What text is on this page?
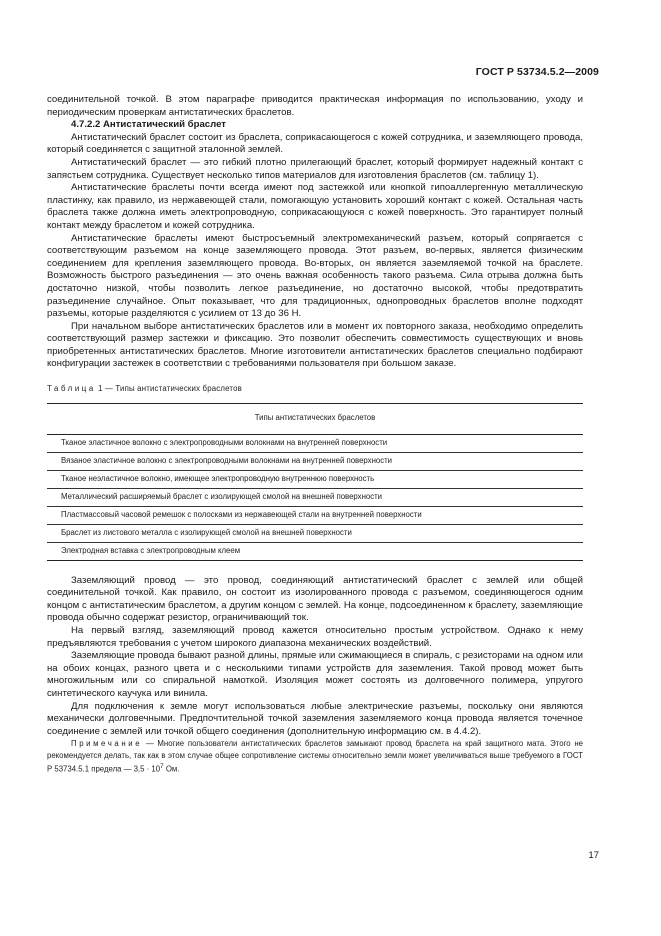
ГОСТ Р 53734.5.2—2009

соединительной точкой. В этом параграфе приводится практическая информация по использованию, уходу и периодическим проверкам антистатических браслетов.

4.7.2.2 Антистатический браслет

Антистатический браслет состоит из браслета, соприкасающегося с кожей сотрудника, и заземляющего провода, который соединяется с защитной эталонной землей.

Антистатический браслет — это гибкий плотно прилегающий браслет, который формирует надежный контакт с запястьем сотрудника. Существует несколько типов материалов для изготовления браслетов (см. таблицу 1).

Антистатические браслеты почти всегда имеют под застежкой или кнопкой гипоаллергенную металлическую пластинку, как правило, из нержавеющей стали, помогающую установить хороший контакт с кожей. Остальная часть браслета также должна иметь электропроводную, соприкасающуюся с кожей поверхность. Это гарантирует полный контакт между браслетом и кожей сотрудника.

Антистатические браслеты имеют быстросъемный электромеханический разъем, который сопрягается с соответствующим разъемом на конце заземляющего провода. Этот разъем, во-первых, является физическим соединением для крепления заземляющего провода. Во-вторых, он является заземляемой точкой на браслете. Возможность быстрого разъединения — это очень важная особенность такого разъема. Сила отрыва должна быть достаточно низкой, чтобы позволить легкое разъединение, но достаточно высокой, чтобы предотвратить разъединение случайное. Опыт показывает, что для традиционных, однопроводных браслетов вполне подходят разъемы, которые разделяются с усилием от 13 до 36 Н.

При начальном выборе антистатических браслетов или в момент их повторного заказа, необходимо определить соответствующий размер застежки и фиксацию. Это позволит обеспечить совместимость существующих и вновь приобретенных антистатических браслетов. Многие изготовители антистатических браслетов специально подбирают конфигурации застежек в соответствии с требованиями пользователя при большом заказе.

Таблица 1 — Типы антистатических браслетов
Типы антистатических браслетов
Тканое эластичное волокно с электропроводными волокнами на внутренней поверхности
Вязаное эластичное волокно с электропроводными волокнами на внутренней поверхности
Тканое неэластичное волокно, имеющее электропроводную внутреннюю поверхность
Металлический расширяемый браслет с изолирующей смолой на внешней поверхности
Пластмассовый часовой ремешок с полосками из нержавеющей стали на внутренней поверхности
Браслет из листового металла с изолирующей смолой на внешней поверхности
Электродная вставка с электропроводным клеем

Заземляющий провод — это провод, соединяющий антистатический браслет с землей или общей соединительной точкой. Как правило, он состоит из изолированного провода с разъемом, соединяющегося одним концом с антистатическим браслетом, а другим концом с землей. На конце, подсоединенном к браслету, заземляющие провода обычно содержат резистор, ограничивающий ток.

На первый взгляд, заземляющий провод кажется относительно простым устройством. Однако к нему предъявляются требования с учетом широкого диапазона механических воздействий.

Заземляющие провода бывают разной длины, прямые или сжимающиеся в спираль, с резисторами на одном или на обоих концах, разного цвета и с несколькими типами устройств для заземления. Такой провод может быть многожильным или со спиральной намоткой. Изоляция может состоять из долговечного полимера, упругого синтетического каучука или винила.

Для подключения к земле могут использоваться любые электрические разъемы, поскольку они являются механически долговечными. Предпочтительной точкой заземления заземляемого конца провода является точечное соединение с землей или точкой общего соединения (дополнительную информацию см. в 4.4.2).

Примечание — Многие пользователи антистатических браслетов замыкают провод браслета на край защитного мата. Этого не рекомендуется делать, так как в этом случае общее сопротивление системы относительно земли может увеличиваться выше требуемого в ГОСТ Р 53734.5.1 предела — $3,5 \cdot 10^7$ Ом.

17
